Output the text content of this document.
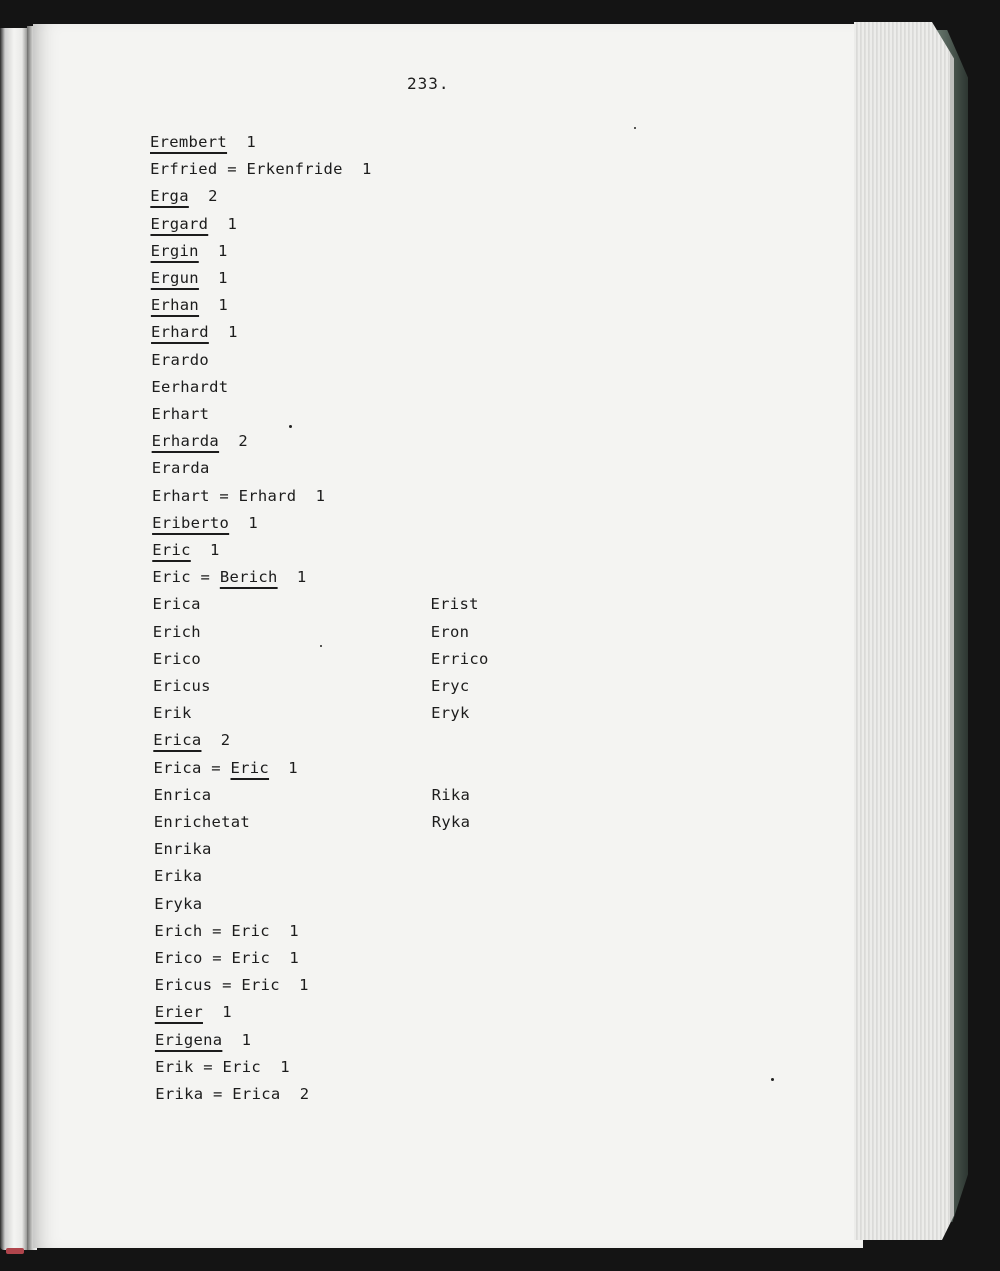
233.
Erembert  1
Erfried = Erkenfride  1
Erga  2
Ergard  1
Ergin  1
Ergun  1
Erhan  1
Erhard  1
Erardo
Eerhardt
Erhart
Erharda  2
Erarda
Erhart = Erhard  1
Eriberto  1
Eric  1
Eric = Berich  1
Erica	Erist
Erich	Eron
Erico	Errico
Ericus	Eryc
Erik	Eryk
Erica  2
Erica = Eric  1
Enrica	Rika
Enrichetat	Ryka
Enrika
Erika
Eryka
Erich = Eric  1
Erico = Eric  1
Ericus = Eric  1
Erier  1
Erigena  1
Erik = Eric  1
Erika = Erica  2
